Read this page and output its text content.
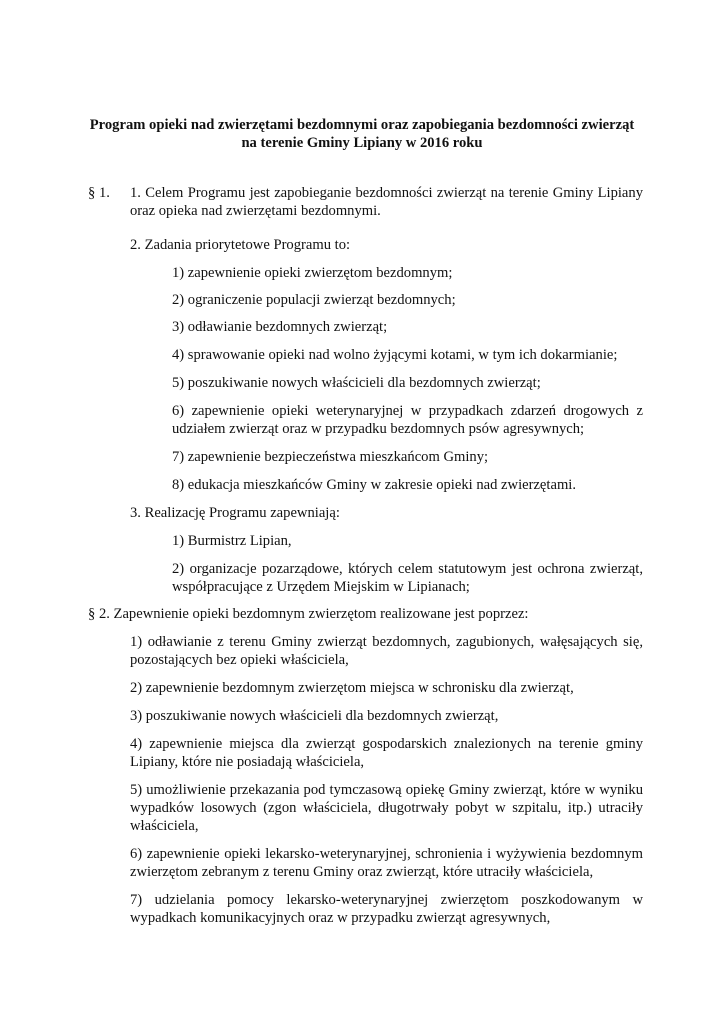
Program opieki nad zwierzętami bezdomnymi oraz zapobiegania bezdomności zwierząt
na terenie Gminy Lipiany w 2016 roku
§ 1. 1. Celem Programu jest zapobieganie bezdomności zwierząt na terenie Gminy Lipiany oraz opieka nad zwierzętami bezdomnymi.
2. Zadania priorytetowe Programu to:
1) zapewnienie opieki zwierzętom bezdomnym;
2) ograniczenie populacji zwierząt bezdomnych;
3) odławianie bezdomnych zwierząt;
4) sprawowanie opieki nad wolno żyjącymi kotami, w tym ich dokarmianie;
5) poszukiwanie nowych właścicieli dla bezdomnych zwierząt;
6) zapewnienie opieki weterynaryjnej w przypadkach zdarzeń drogowych z udziałem zwierząt oraz w przypadku bezdomnych psów agresywnych;
7) zapewnienie bezpieczeństwa mieszkańcom Gminy;
8) edukacja mieszkańców Gminy w zakresie opieki nad zwierzętami.
3. Realizację Programu zapewniają:
1) Burmistrz Lipian,
2) organizacje pozarządowe, których celem statutowym jest ochrona zwierząt, współpracujące z Urzędem Miejskim w Lipianach;
§ 2. Zapewnienie opieki bezdomnym zwierzętom realizowane jest poprzez:
1) odławianie z terenu Gminy zwierząt bezdomnych, zagubionych, wałęsających się, pozostających bez opieki właściciela,
2) zapewnienie bezdomnym zwierzętom miejsca w schronisku dla zwierząt,
3) poszukiwanie nowych właścicieli dla bezdomnych zwierząt,
4) zapewnienie miejsca dla zwierząt gospodarskich znalezionych na terenie gminy Lipiany, które nie posiadają właściciela,
5) umożliwienie przekazania pod tymczasową opiekę Gminy zwierząt, które w wyniku wypadków losowych (zgon właściciela, długotrwały pobyt w szpitalu, itp.) utraciły właściciela,
6) zapewnienie opieki lekarsko-weterynaryjnej, schronienia i wyżywienia bezdomnym zwierzętom zebranym z terenu Gminy oraz zwierząt, które utraciły właściciela,
7) udzielania pomocy lekarsko-weterynaryjnej zwierzętom poszkodowanym w wypadkach komunikacyjnych oraz w przypadku zwierząt agresywnych,
